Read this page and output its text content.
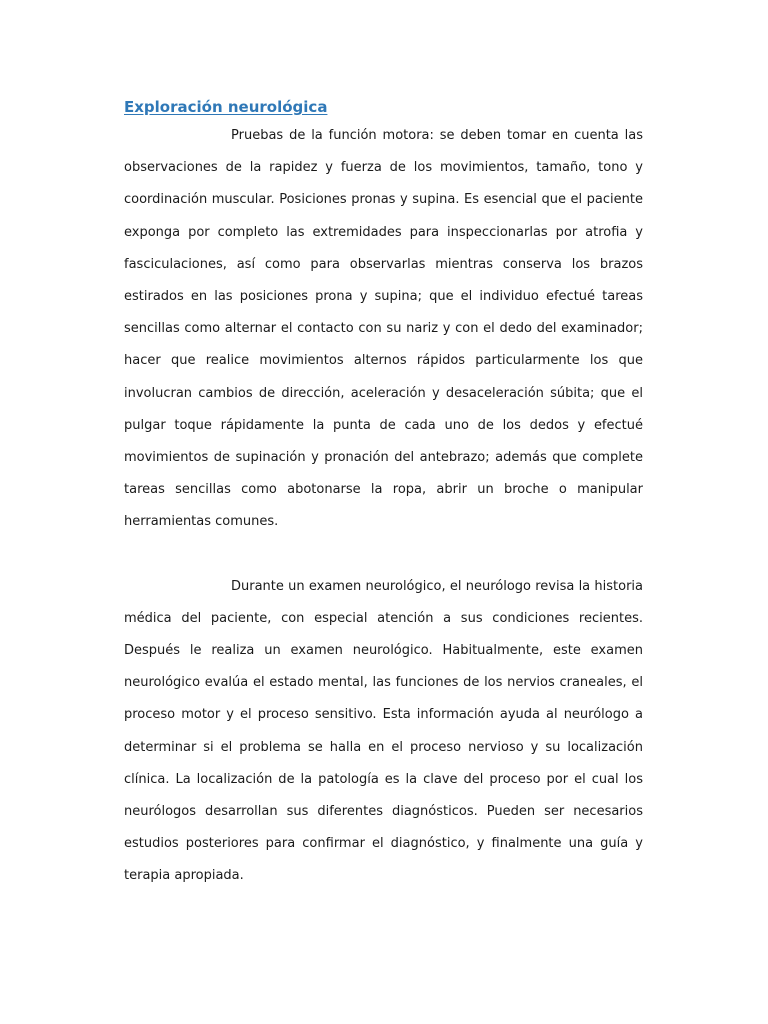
Exploración neurológica

Pruebas de la función motora: se deben tomar en cuenta las observaciones de la rapidez y fuerza de los movimientos, tamaño, tono y coordinación muscular. Posiciones pronas y supina. Es esencial que el paciente exponga por completo las extremidades para inspeccionarlas por atrofia y fasciculaciones, así como para observarlas mientras conserva los brazos estirados en las posiciones prona y supina; que el individuo efectué tareas sencillas como alternar el contacto con su nariz y con el dedo del examinador; hacer que realice movimientos alternos rápidos particularmente los que involucran cambios de dirección, aceleración y desaceleración súbita; que el pulgar toque rápidamente la punta de cada uno de los dedos y efectué movimientos de supinación y pronación del antebrazo; además que complete tareas sencillas como abotonarse la ropa, abrir un broche o manipular herramientas comunes.

Durante un examen neurológico, el neurólogo revisa la historia médica del paciente, con especial atención a sus condiciones recientes. Después le realiza un examen neurológico. Habitualmente, este examen neurológico evalúa el estado mental, las funciones de los nervios craneales, el proceso motor y el proceso sensitivo. Esta información ayuda al neurólogo a determinar si el problema se halla en el proceso nervioso y su localización clínica. La localización de la patología es la clave del proceso por el cual los neurólogos desarrollan sus diferentes diagnósticos. Pueden ser necesarios estudios posteriores para confirmar el diagnóstico, y finalmente una guía y terapia apropiada.
